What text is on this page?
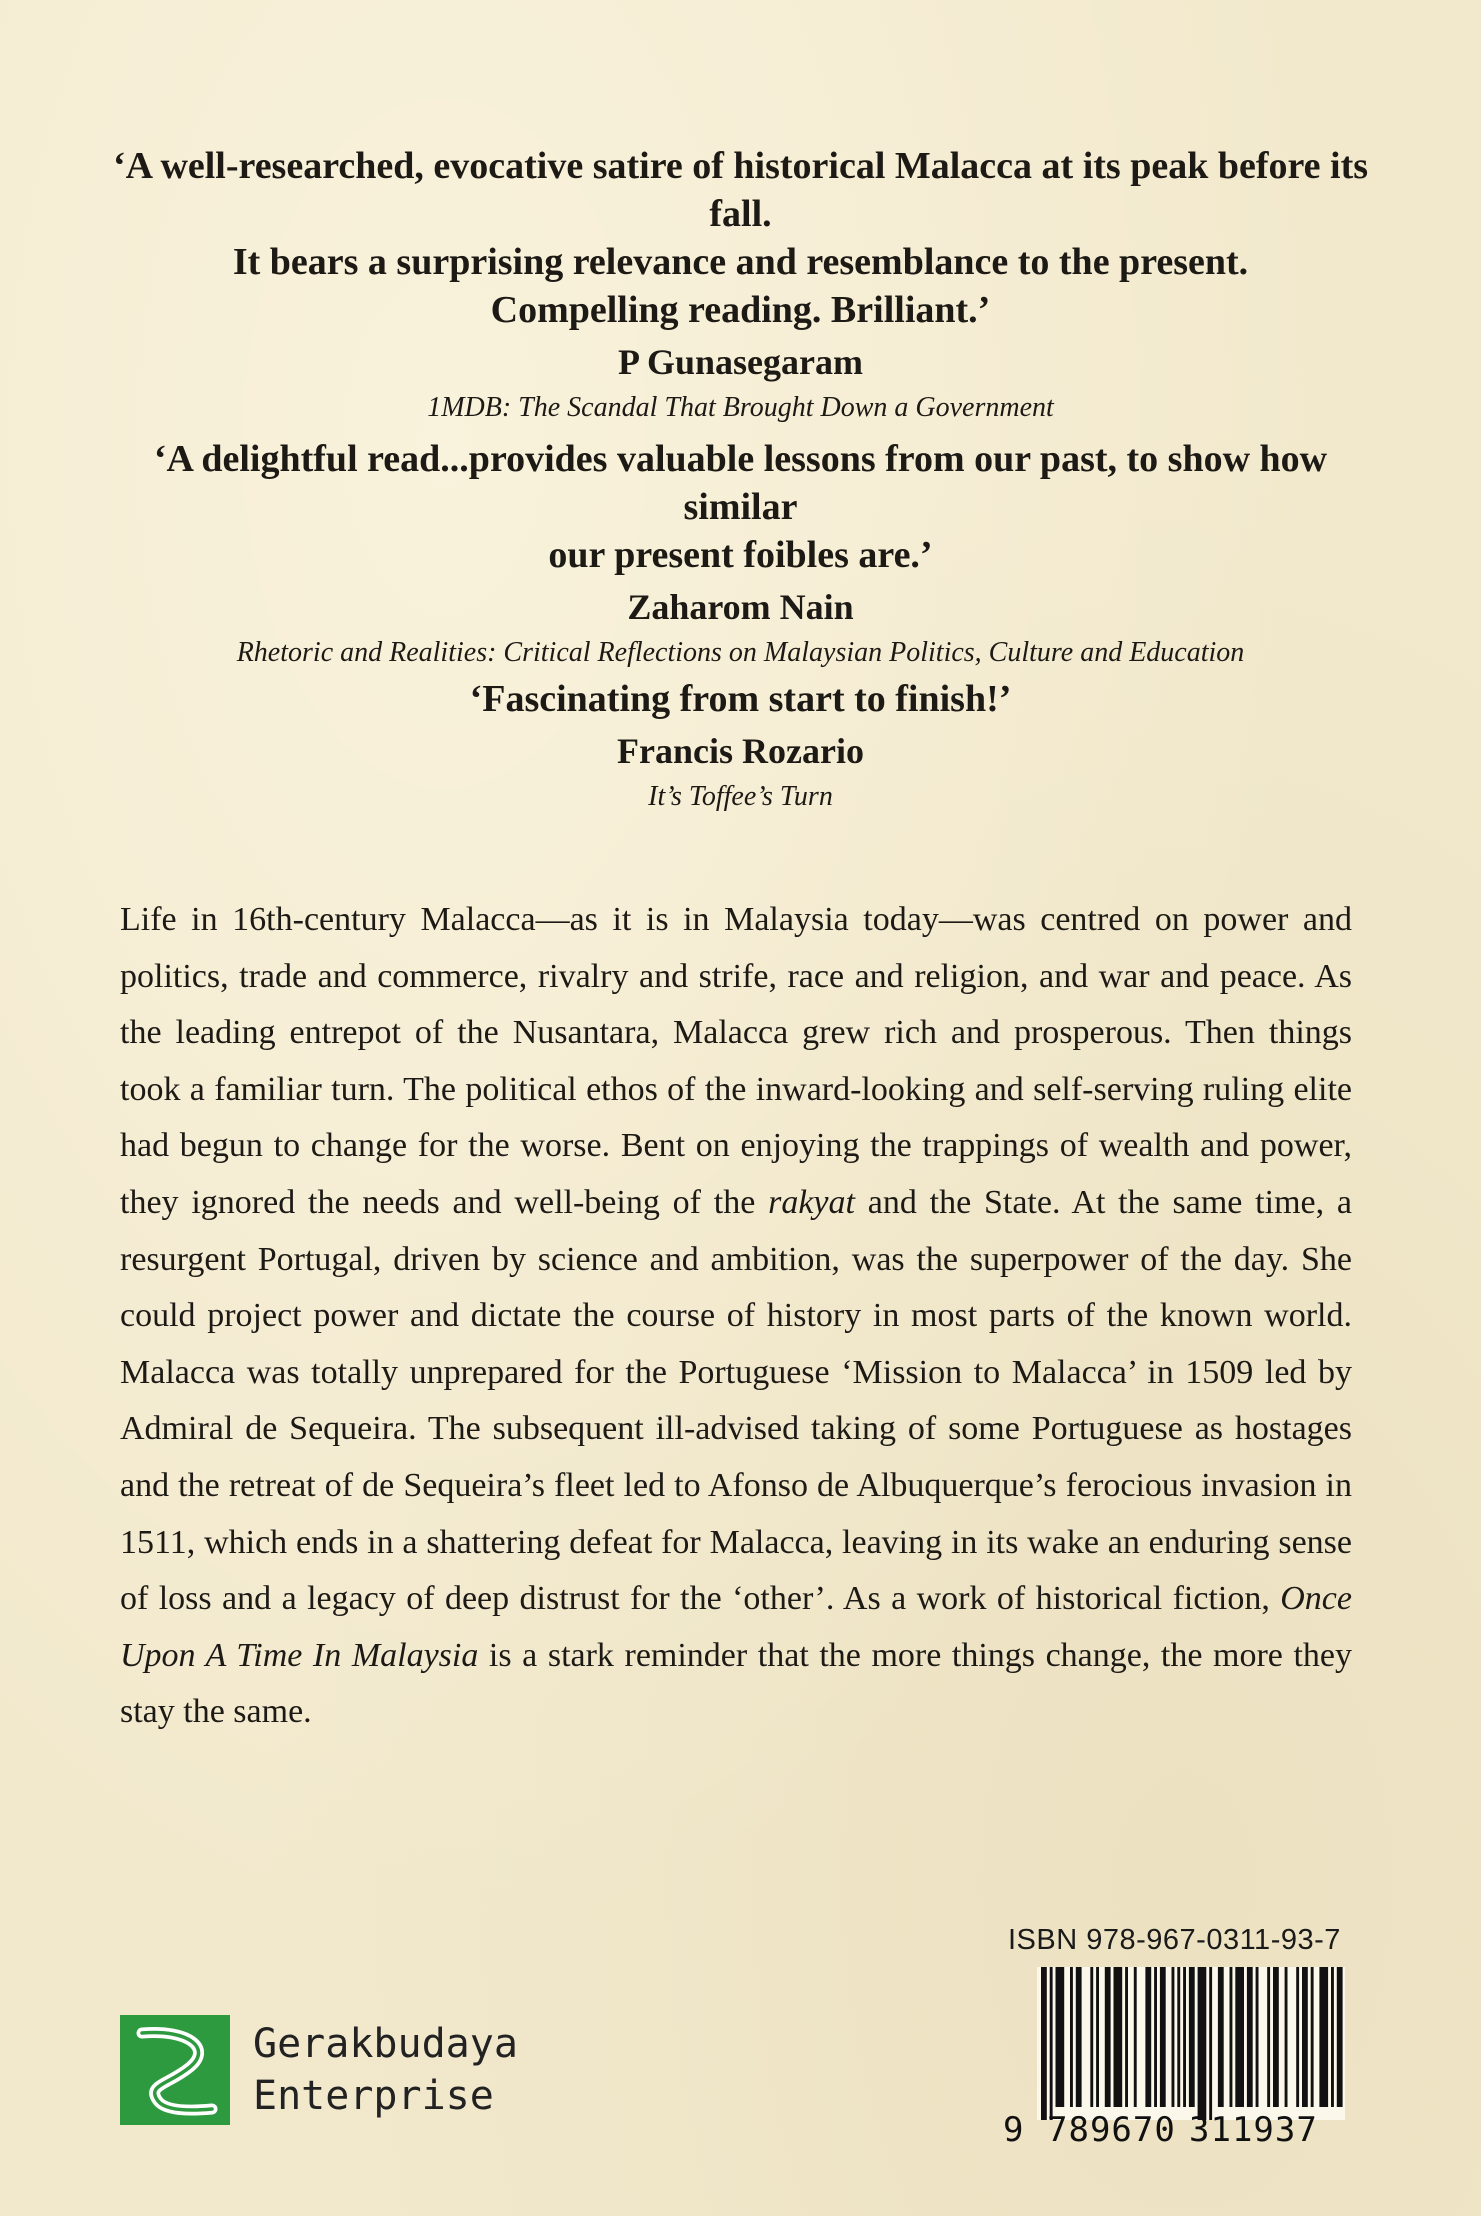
‘A well-researched, evocative satire of historical Malacca at its peak before its fall.
It bears a surprising relevance and resemblance to the present.
Compelling reading. Brilliant.’

P Gunasegaram

1MDB: The Scandal That Brought Down a Government

‘A delightful read...provides valuable lessons from our past, to show how similar
our present foibles are.’

Zaharom Nain

Rhetoric and Realities: Critical Reflections on Malaysian Politics, Culture and Education

‘Fascinating from start to finish!’

Francis Rozario

It’s Toffee’s Turn

Life in 16th-century Malacca—as it is in Malaysia today—was centred on power and politics, trade and commerce, rivalry and strife, race and religion, and war and peace. As the leading entrepot of the Nusantara, Malacca grew rich and prosperous. Then things took a familiar turn. The political ethos of the inward-looking and self-serving ruling elite had begun to change for the worse. Bent on enjoying the trappings of wealth and power, they ignored the needs and well-being of the rakyat and the State. At the same time, a resurgent Portugal, driven by science and ambition, was the superpower of the day. She could project power and dictate the course of history in most parts of the known world. Malacca was totally unprepared for the Portuguese ‘Mission to Malacca’ in 1509 led by Admiral de Sequeira. The subsequent ill-advised taking of some Portuguese as hostages and the retreat of de Sequeira’s fleet led to Afonso de Albuquerque’s ferocious invasion in 1511, which ends in a shattering defeat for Malacca, leaving in its wake an enduring sense of loss and a legacy of deep distrust for the ‘other’. As a work of historical fiction, Once Upon A Time In Malaysia is a stark reminder that the more things change, the more they stay the same.

ISBN 978-967-0311-93-7
9 789670 311937
Gerakbudaya
Enterprise
